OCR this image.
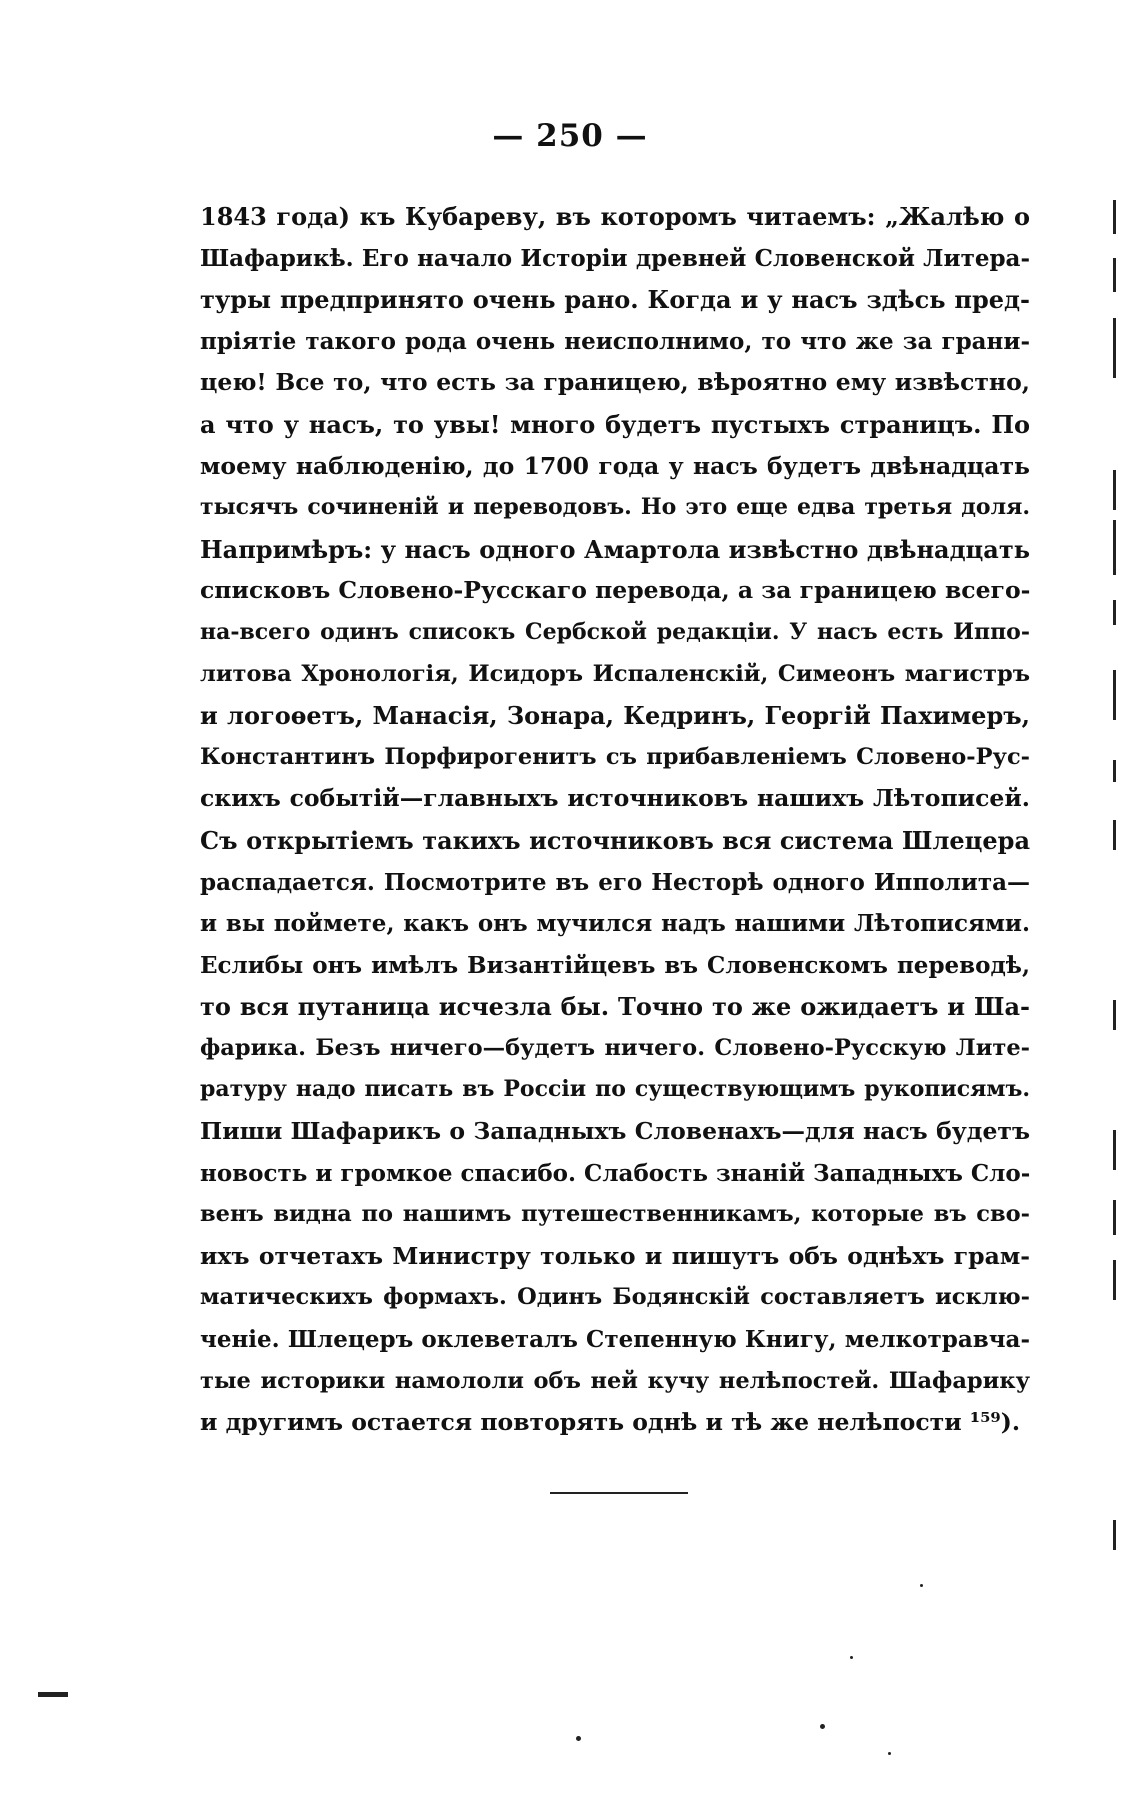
— 250 —
1843 года) къ Кубареву, въ которомъ читаемъ: „Жалѣю о
Шафарикѣ. Его начало Исторіи древней Словенской Литера-
туры предпринято очень рано. Когда и у насъ здѣсь пред-
пріятіе такого рода очень неисполнимо, то что же за грани-
цею! Все то, что есть за границею, вѣроятно ему извѣстно,
а что у насъ, то увы! много будетъ пустыхъ страницъ. По
моему наблюденію, до 1700 года у насъ будетъ двѣнадцать
тысячъ сочиненій и переводовъ. Но это еще едва третья доля.
Напримѣръ: у насъ одного Амартола извѣстно двѣнадцать
списковъ Словено-Русскаго перевода, а за границею всего-
на-всего одинъ списокъ Сербской редакціи. У насъ есть Иппо-
литова Хронологія, Исидоръ Испаленскій, Симеонъ магистръ
и логоѳетъ, Манасія, Зонара, Кедринъ, Георгій Пахимеръ,
Константинъ Порфирогенитъ съ прибавленіемъ Словено-Рус-
скихъ событій—главныхъ источниковъ нашихъ Лѣтописей.
Съ открытіемъ такихъ источниковъ вся система Шлецера
распадается. Посмотрите въ его Несторѣ одного Ипполита—
и вы поймете, какъ онъ мучился надъ нашими Лѣтописями.
Еслибы онъ имѣлъ Византійцевъ въ Словенскомъ переводѣ,
то вся путаница исчезла бы. Точно то же ожидаетъ и Ша-
фарика. Безъ ничего—будетъ ничего. Словено-Русскую Лите-
ратуру надо писать въ Россіи по существующимъ рукописямъ.
Пиши Шафарикъ о Западныхъ Словенахъ—для насъ будетъ
новость и громкое спасибо. Слабость знаній Западныхъ Сло-
венъ видна по нашимъ путешественникамъ, которые въ сво-
ихъ отчетахъ Министру только и пишутъ объ однѣхъ грам-
матическихъ формахъ. Одинъ Бодянскій составляетъ исклю-
ченіе. Шлецеръ оклеветалъ Степенную Книгу, мелкотравча-
тые историки намололи объ ней кучу нелѣпостей. Шафарику
и другимъ остается повторять однѣ и тѣ же нелѣпости ¹⁵⁹).
